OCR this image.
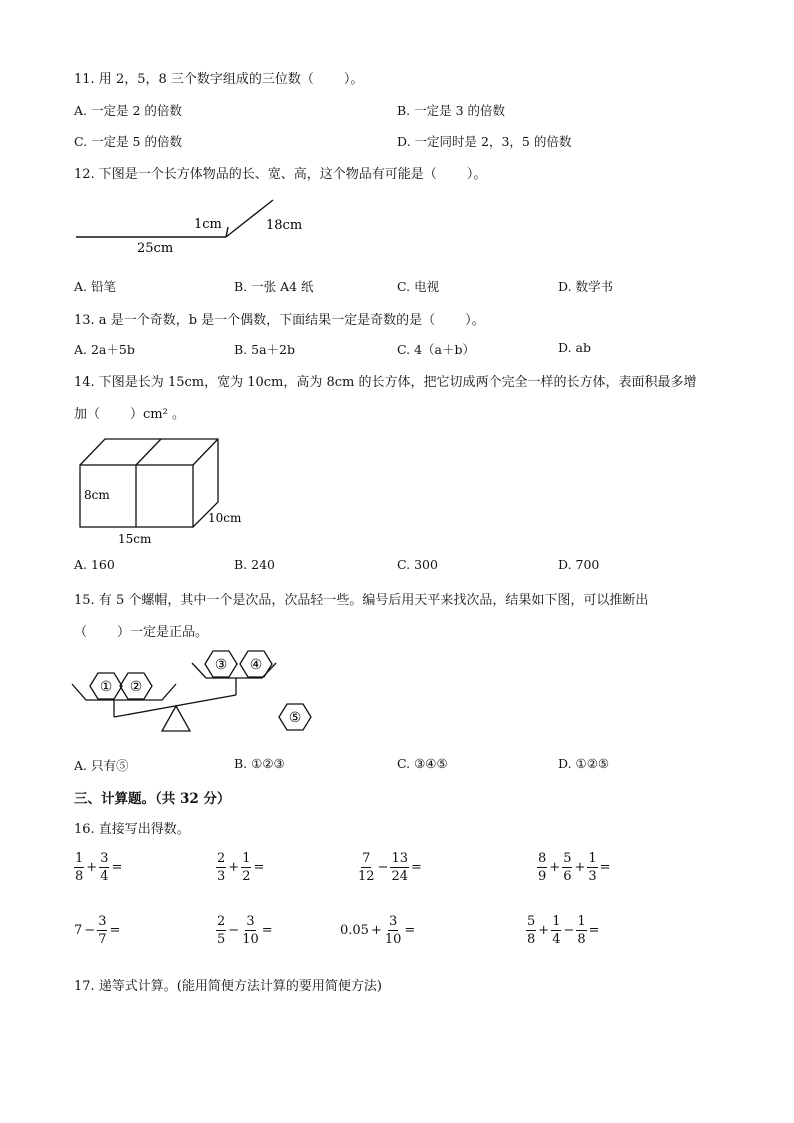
11. 用 2，5，8 三个数字组成的三位数（ ）。
A. 一定是 2 的倍数	B. 一定是 3 的倍数
C. 一定是 5 的倍数	D. 一定同时是 2，3，5 的倍数
12. 下图是一个长方体物品的长、宽、高，这个物品有可能是（ ）。
25cm
1cm	18cm
A. 铅笔	B. 一张 A4 纸	C. 电视	D. 数学书
13. a 是一个奇数，b 是一个偶数，下面结果一定是奇数的是（ ）。
A. 2a＋5b	B. 5a＋2b	C. 4（a＋b）	D. ab
14. 下图是长为 15cm，宽为 10cm，高为 8cm 的长方体，把它切成两个完全一样的长方体，表面积最多增
加（ ）cm² 。
8cm
10cm
15cm
A. 160	B. 240	C. 300	D. 700
15. 有 5 个螺帽，其中一个是次品，次品轻一些。编号后用天平来找次品，结果如下图，可以推断出
（ ）一定是正品。
① ②
③ ④
⑤
A. 只有⑤	B. ①②③	C. ③④⑤	D. ①②⑤
三、计算题。（共 32 分）
16. 直接写出得数。
$\frac{1}{8} + \frac{3}{4}$ =	$\frac{2}{3} + \frac{1}{2}$ =	$\frac{7}{12} - \frac{13}{24}$ =	$\frac{8}{9} + \frac{5}{6} + \frac{1}{3}$ =
$7 - \frac{3}{7}$ =	$\frac{2}{5} - \frac{3}{10}$ =	$0.05 + \frac{3}{10}$ =	$\frac{5}{8} + \frac{1}{4} - \frac{1}{8}$ =
17. 递等式计算。(能用简便方法计算的要用简便方法)
